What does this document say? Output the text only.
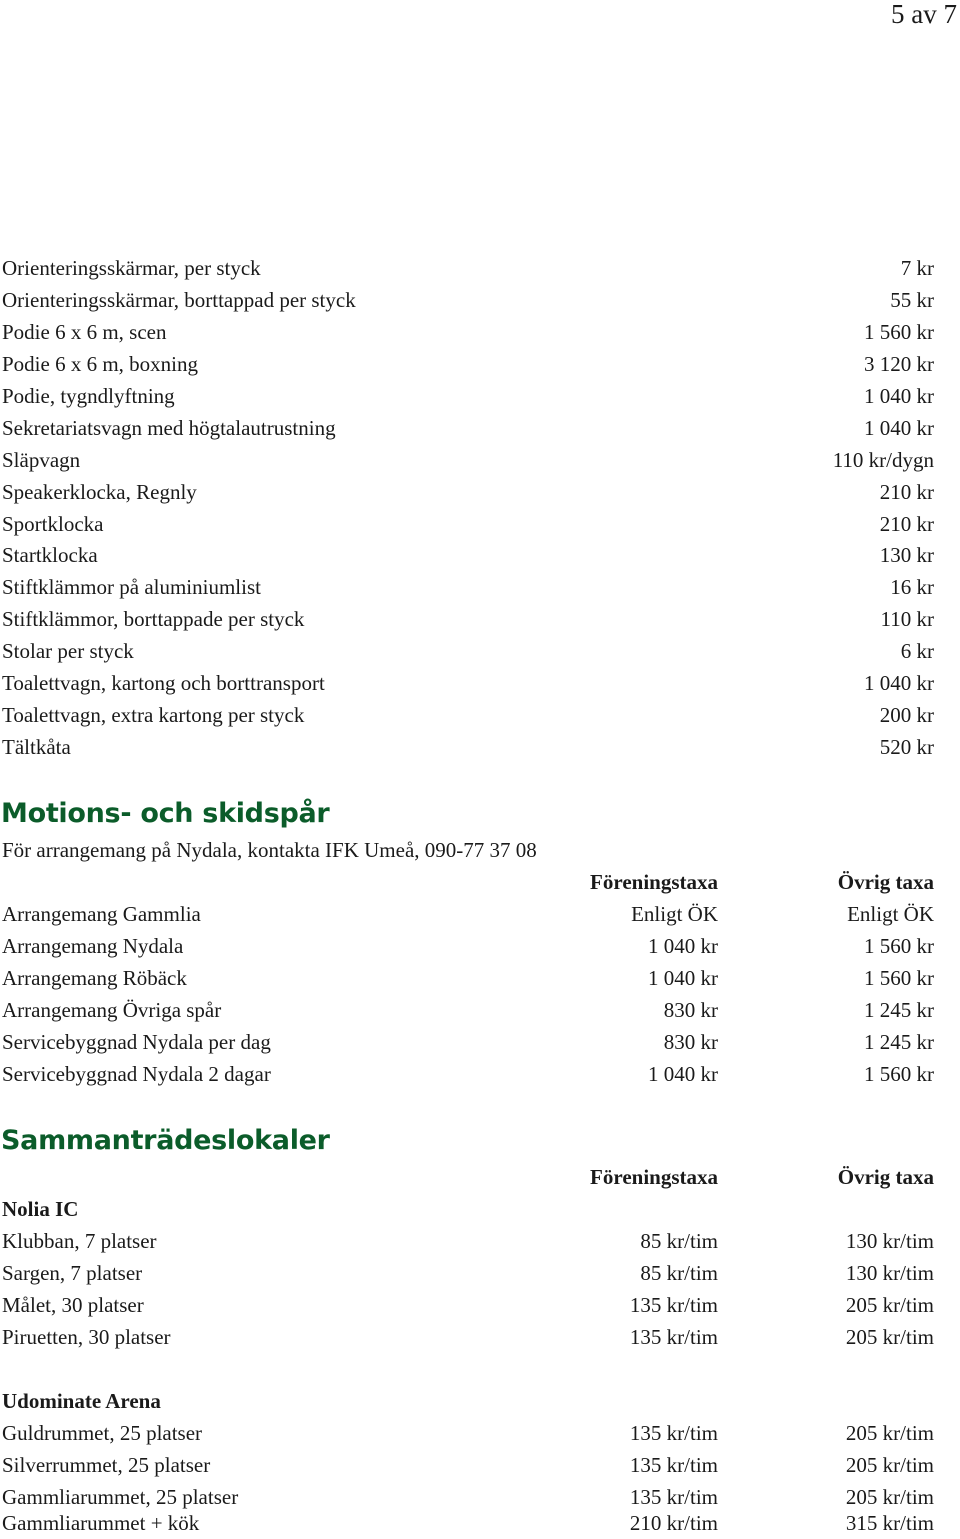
5 av 7
Orienteringsskärmar, per styck	7 kr
Orienteringsskärmar, borttappad per styck	55 kr
Podie 6 x 6 m, scen	1 560 kr
Podie 6 x 6 m, boxning	3 120 kr
Podie, tygndlyftning	1 040 kr
Sekretariatsvagn med högtalautrustning	1 040 kr
Släpvagn	110 kr/dygn
Speakerklocka, Regnly	210 kr
Sportklocka	210 kr
Startklocka	130 kr
Stiftklämmor på aluminiumlist	16 kr
Stiftklämmor, borttappade per styck	110 kr
Stolar per styck	6 kr
Toalettvagn, kartong och borttransport	1 040 kr
Toalettvagn, extra kartong per styck	200 kr
Tältkåta	520 kr
Motions- och skidspår
För arrangemang på Nydala, kontakta IFK Umeå, 090-77 37 08
Föreningstaxa	Övrig taxa
Arrangemang Gammlia	Enligt ÖK	Enligt ÖK
Arrangemang Nydala	1 040 kr	1 560 kr
Arrangemang Röbäck	1 040 kr	1 560 kr
Arrangemang Övriga spår	830 kr	1 245 kr
Servicebyggnad Nydala per dag	830 kr	1 245 kr
Servicebyggnad Nydala 2 dagar	1 040 kr	1 560 kr
Sammanträdeslokaler
Föreningstaxa	Övrig taxa
Nolia IC
Klubban, 7 platser	85 kr/tim	130 kr/tim
Sargen, 7 platser	85 kr/tim	130 kr/tim
Målet, 30 platser	135 kr/tim	205 kr/tim
Piruetten, 30 platser	135 kr/tim	205 kr/tim
Udominate Arena
Guldrummet, 25 platser	135 kr/tim	205 kr/tim
Silverrummet, 25 platser	135 kr/tim	205 kr/tim
Gammliarummet, 25 platser	135 kr/tim	205 kr/tim
Gammliarummet + kök	210 kr/tim	315 kr/tim
